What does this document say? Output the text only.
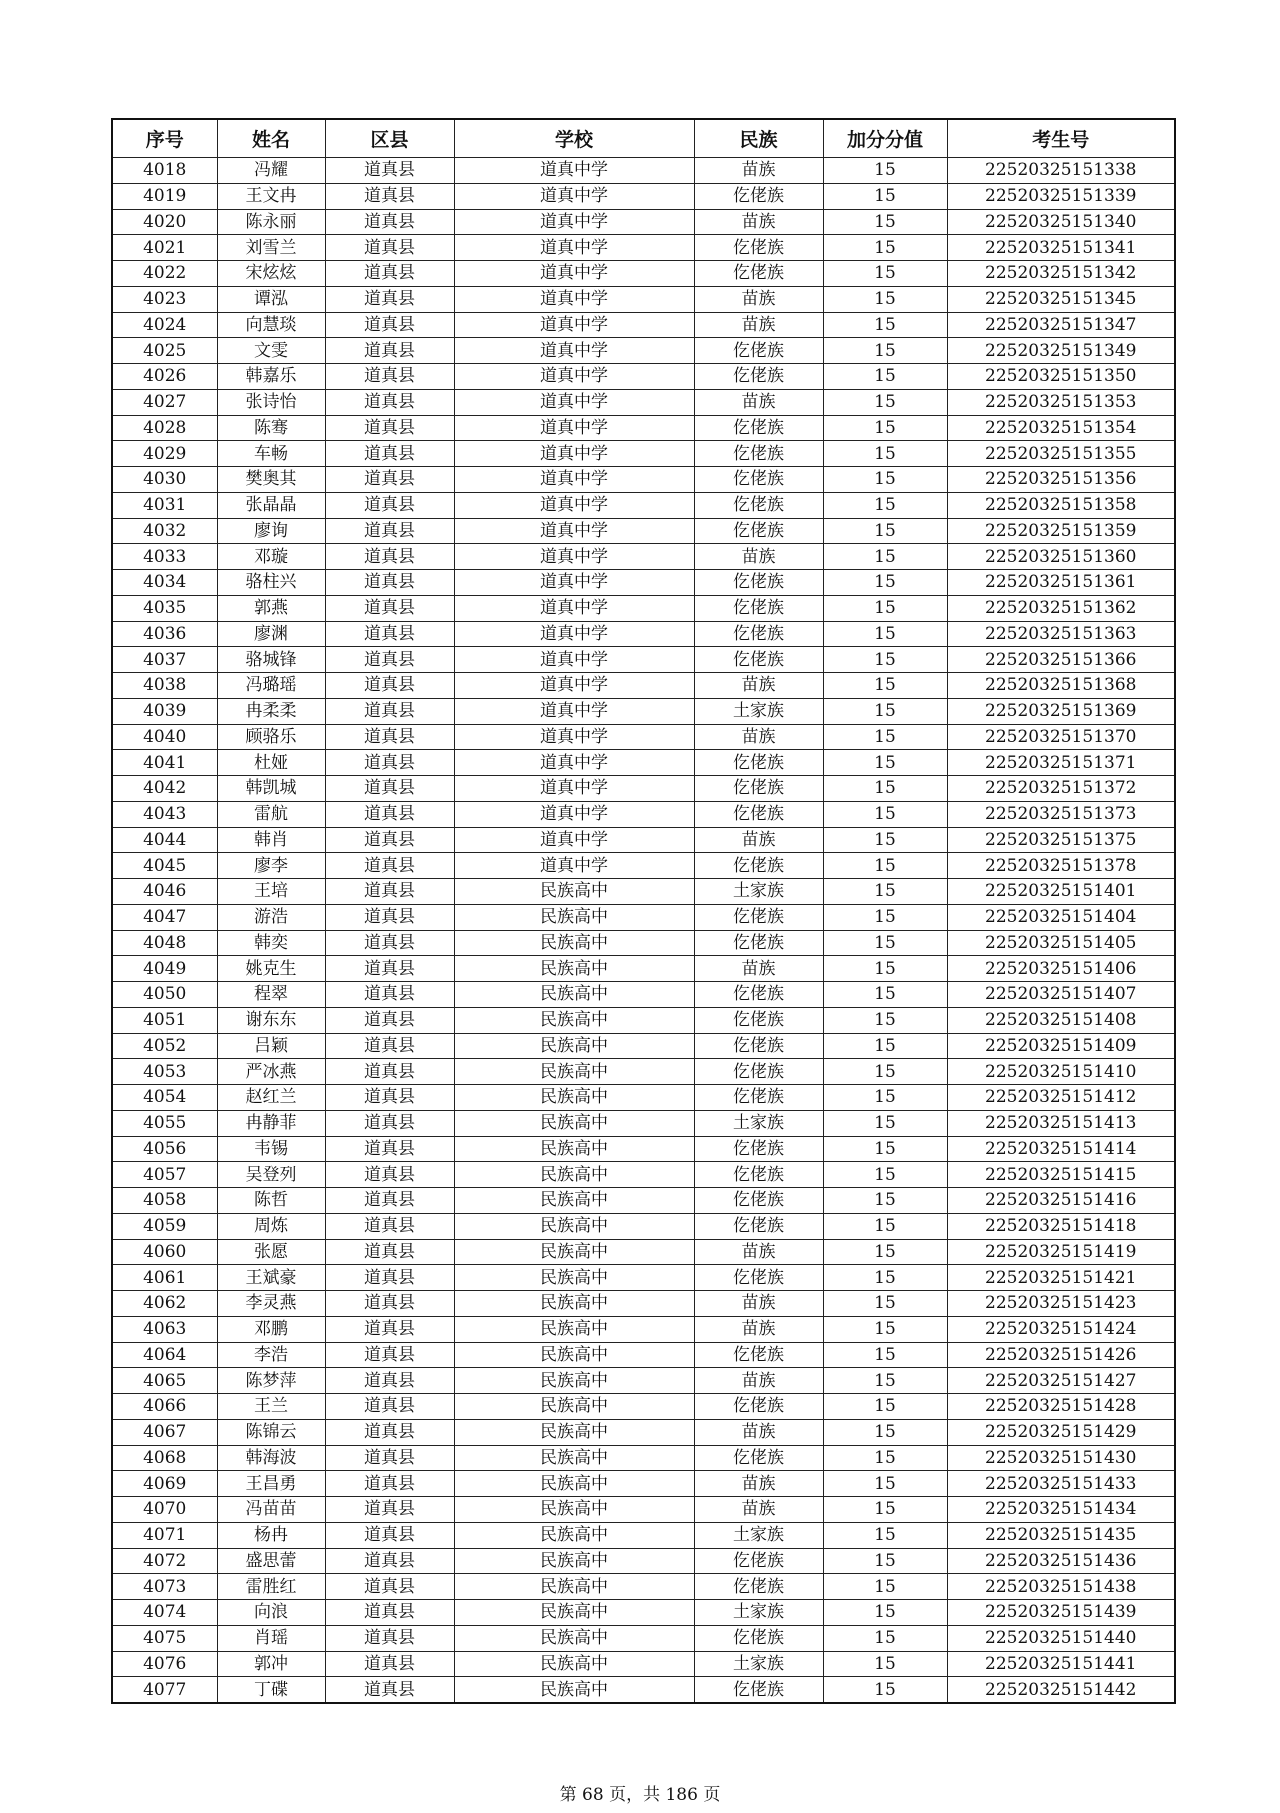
序号	姓名	区县	学校	民族	加分分值	考生号
4018	冯耀	道真县	道真中学	苗族	15	22520325151338
4019	王文冉	道真县	道真中学	仡佬族	15	22520325151339
4020	陈永丽	道真县	道真中学	苗族	15	22520325151340
4021	刘雪兰	道真县	道真中学	仡佬族	15	22520325151341
4022	宋炫炫	道真县	道真中学	仡佬族	15	22520325151342
4023	谭泓	道真县	道真中学	苗族	15	22520325151345
4024	向慧琰	道真县	道真中学	苗族	15	22520325151347
4025	文雯	道真县	道真中学	仡佬族	15	22520325151349
4026	韩嘉乐	道真县	道真中学	仡佬族	15	22520325151350
4027	张诗怡	道真县	道真中学	苗族	15	22520325151353
4028	陈骞	道真县	道真中学	仡佬族	15	22520325151354
4029	车畅	道真县	道真中学	仡佬族	15	22520325151355
4030	樊奥其	道真县	道真中学	仡佬族	15	22520325151356
4031	张晶晶	道真县	道真中学	仡佬族	15	22520325151358
4032	廖询	道真县	道真中学	仡佬族	15	22520325151359
4033	邓璇	道真县	道真中学	苗族	15	22520325151360
4034	骆柱兴	道真县	道真中学	仡佬族	15	22520325151361
4035	郭燕	道真县	道真中学	仡佬族	15	22520325151362
4036	廖渊	道真县	道真中学	仡佬族	15	22520325151363
4037	骆城锋	道真县	道真中学	仡佬族	15	22520325151366
4038	冯璐瑶	道真县	道真中学	苗族	15	22520325151368
4039	冉柔柔	道真县	道真中学	土家族	15	22520325151369
4040	顾骆乐	道真县	道真中学	苗族	15	22520325151370
4041	杜娅	道真县	道真中学	仡佬族	15	22520325151371
4042	韩凯城	道真县	道真中学	仡佬族	15	22520325151372
4043	雷航	道真县	道真中学	仡佬族	15	22520325151373
4044	韩肖	道真县	道真中学	苗族	15	22520325151375
4045	廖李	道真县	道真中学	仡佬族	15	22520325151378
4046	王培	道真县	民族高中	土家族	15	22520325151401
4047	游浩	道真县	民族高中	仡佬族	15	22520325151404
4048	韩奕	道真县	民族高中	仡佬族	15	22520325151405
4049	姚克生	道真县	民族高中	苗族	15	22520325151406
4050	程翠	道真县	民族高中	仡佬族	15	22520325151407
4051	谢东东	道真县	民族高中	仡佬族	15	22520325151408
4052	吕颖	道真县	民族高中	仡佬族	15	22520325151409
4053	严冰燕	道真县	民族高中	仡佬族	15	22520325151410
4054	赵红兰	道真县	民族高中	仡佬族	15	22520325151412
4055	冉静菲	道真县	民族高中	土家族	15	22520325151413
4056	韦锡	道真县	民族高中	仡佬族	15	22520325151414
4057	吴登列	道真县	民族高中	仡佬族	15	22520325151415
4058	陈哲	道真县	民族高中	仡佬族	15	22520325151416
4059	周炼	道真县	民族高中	仡佬族	15	22520325151418
4060	张愿	道真县	民族高中	苗族	15	22520325151419
4061	王斌豪	道真县	民族高中	仡佬族	15	22520325151421
4062	李灵燕	道真县	民族高中	苗族	15	22520325151423
4063	邓鹏	道真县	民族高中	苗族	15	22520325151424
4064	李浩	道真县	民族高中	仡佬族	15	22520325151426
4065	陈梦萍	道真县	民族高中	苗族	15	22520325151427
4066	王兰	道真县	民族高中	仡佬族	15	22520325151428
4067	陈锦云	道真县	民族高中	苗族	15	22520325151429
4068	韩海波	道真县	民族高中	仡佬族	15	22520325151430
4069	王昌勇	道真县	民族高中	苗族	15	22520325151433
4070	冯苗苗	道真县	民族高中	苗族	15	22520325151434
4071	杨冉	道真县	民族高中	土家族	15	22520325151435
4072	盛思蕾	道真县	民族高中	仡佬族	15	22520325151436
4073	雷胜红	道真县	民族高中	仡佬族	15	22520325151438
4074	向浪	道真县	民族高中	土家族	15	22520325151439
4075	肖瑶	道真县	民族高中	仡佬族	15	22520325151440
4076	郭冲	道真县	民族高中	土家族	15	22520325151441
4077	丁碟	道真县	民族高中	仡佬族	15	22520325151442
第 68 页，共 186 页
